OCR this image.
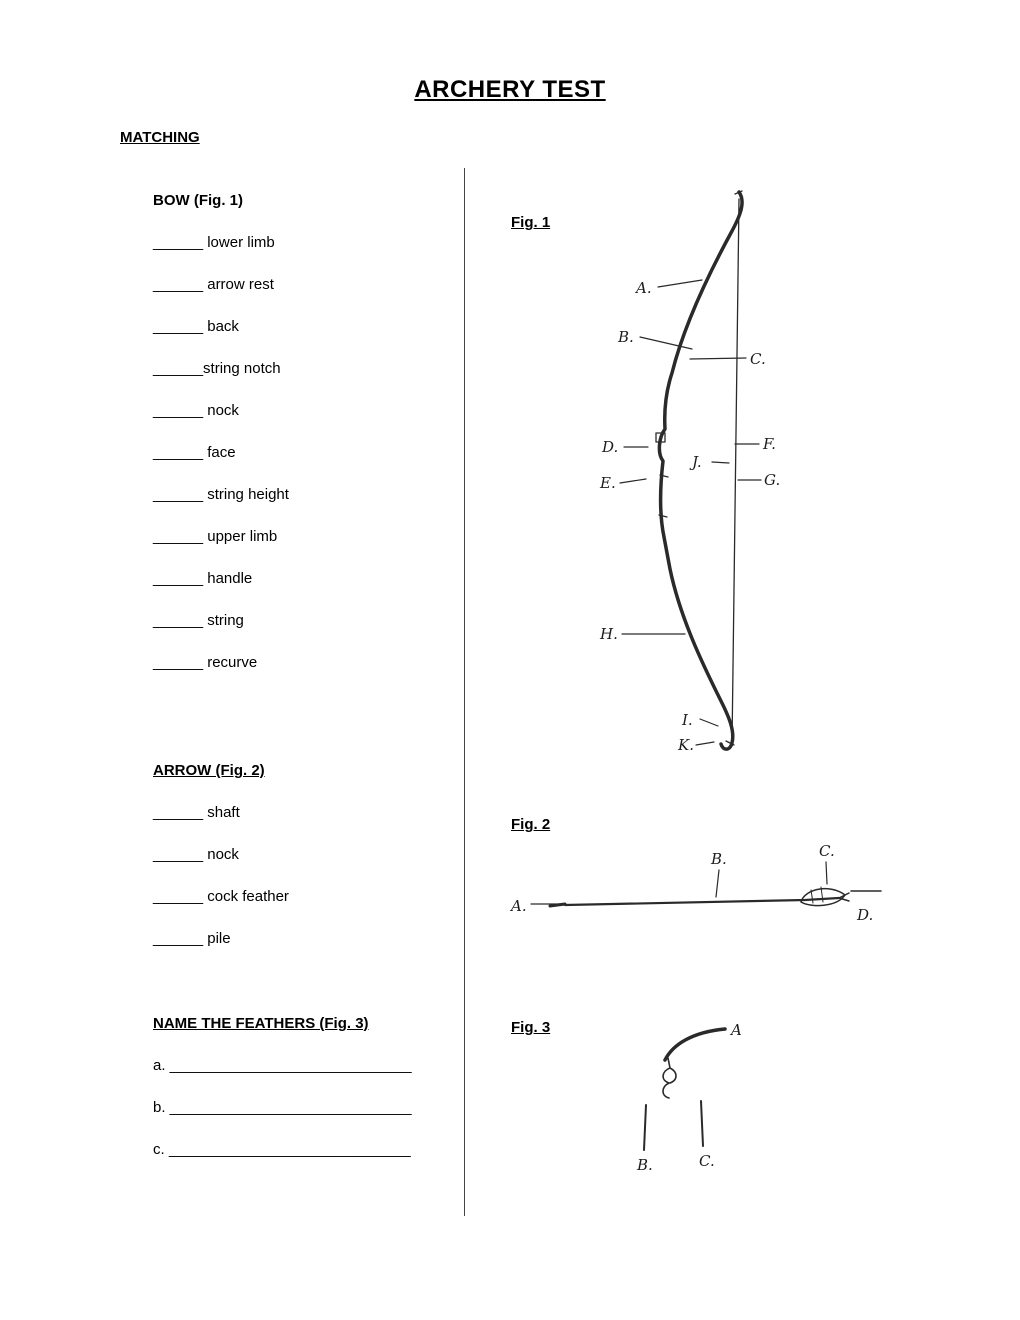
ARCHERY TEST
MATCHING
BOW (Fig. 1)
______ lower limb
______ arrow rest
______ back
______string notch
______ nock
______ face
______ string height
______ upper limb
______ handle
______ string
______ recurve
ARROW (Fig. 2)
______ shaft
______ nock
______ cock feather
______ pile
NAME THE FEATHERS (Fig. 3)
a. _____________________________
b. _____________________________
c. _____________________________
Fig. 1
A.
B.
C.
D.
E.
F.
G.
J.
H.
I.
K.
Fig. 2
A.
B.	C.
D.
Fig. 3	A
B.	C.
